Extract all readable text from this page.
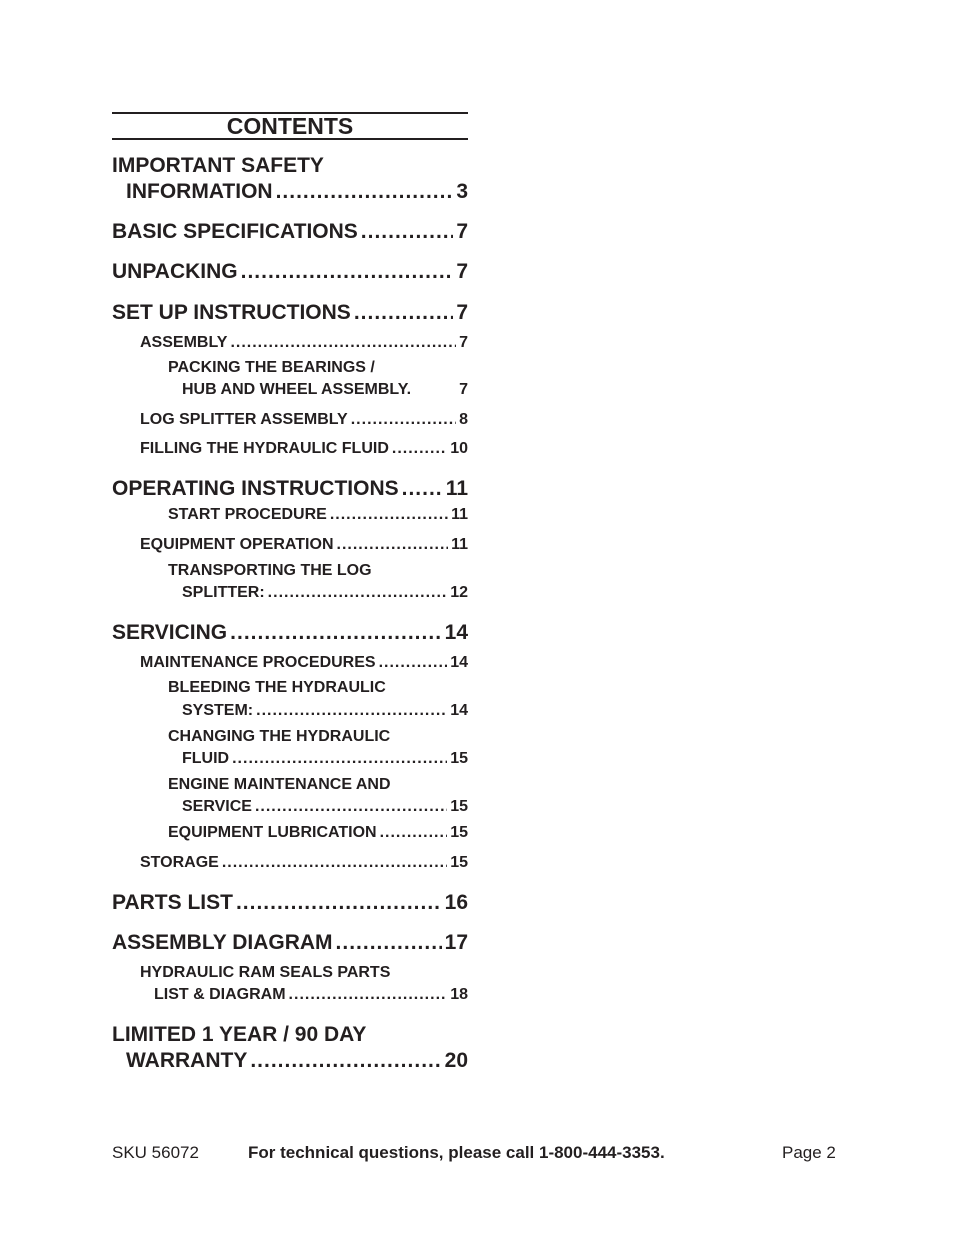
CONTENTS
IMPORTANT SAFETY
INFORMATION .....	3
BASIC SPECIFICATIONS .....	7
UNPACKING .....	7
SET UP INSTRUCTIONS .....	7
ASSEMBLY .....	7
PACKING THE BEARINGS /
HUB AND WHEEL ASSEMBLY.	7
LOG SPLITTER ASSEMBLY .....	8
FILLING THE HYDRAULIC FLUID .....	10
OPERATING INSTRUCTIONS ..... 11
START PROCEDURE .....	11
EQUIPMENT OPERATION .....	11
TRANSPORTING THE LOG
SPLITTER: .....	12
SERVICING .....	14
MAINTENANCE PROCEDURES .....	14
BLEEDING THE HYDRAULIC
SYSTEM: .....	14
CHANGING THE HYDRAULIC
FLUID .....	15
ENGINE MAINTENANCE AND
SERVICE .....	15
EQUIPMENT LUBRICATION .....	15
STORAGE .....	15
PARTS LIST .....	16
ASSEMBLY DIAGRAM .....	17
HYDRAULIC RAM SEALS PARTS
LIST & DIAGRAM .....	18
LIMITED 1 YEAR / 90 DAY
WARRANTY .....	20
SKU 56072	For technical questions, please call 1-800-444-3353.	Page 2
